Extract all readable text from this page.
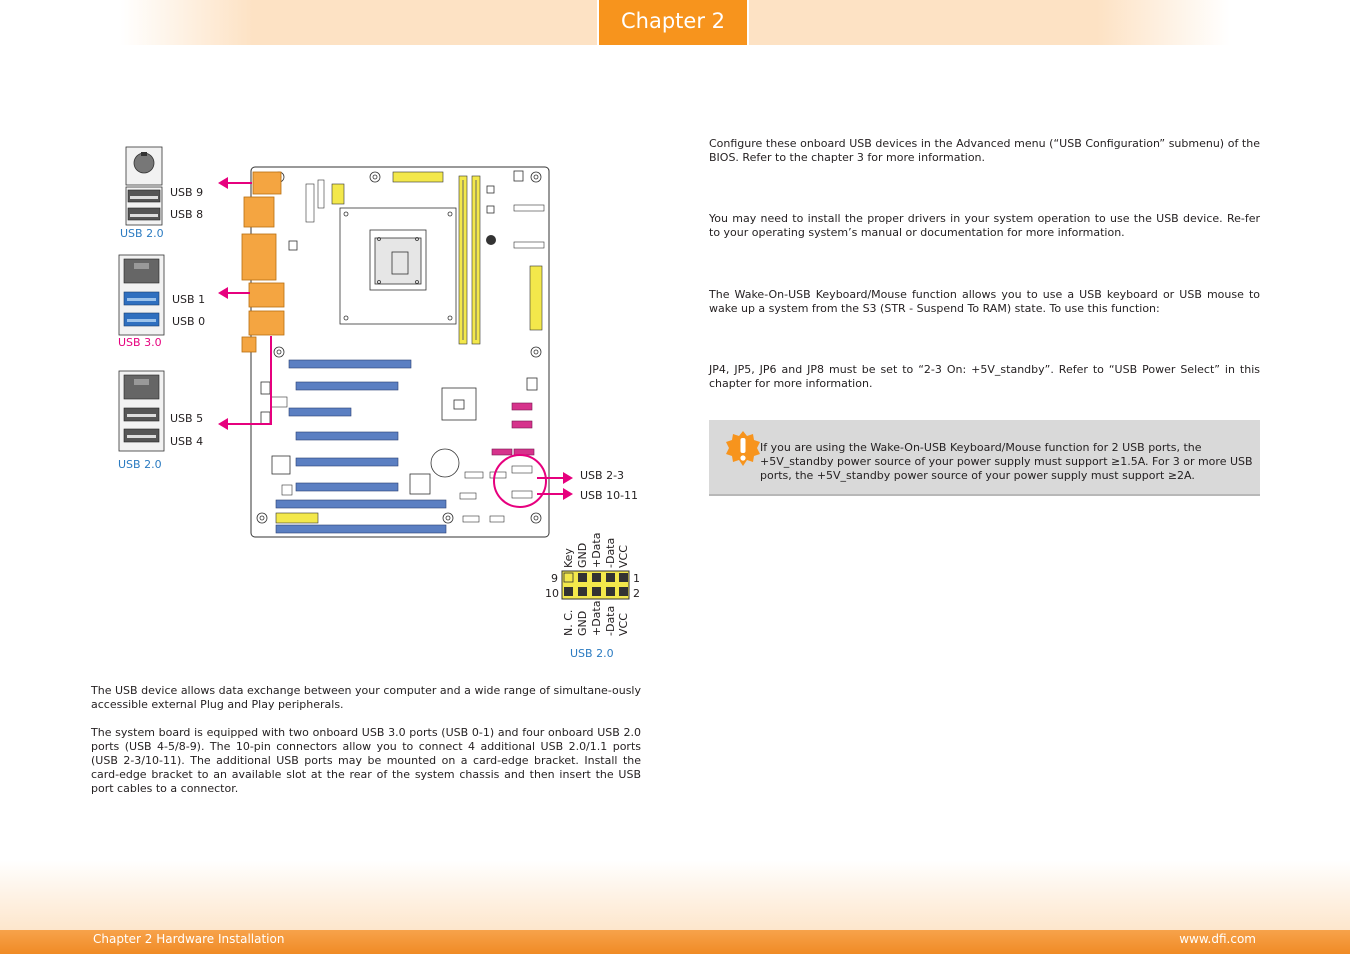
Chapter 2
USB 9
USB 8
USB 2.0
USB 1
USB 0
USB 3.0
USB 5
USB 4
USB 2.0
USB 2-3
USB 10-11
Key GND +Data -Data VCC
N. C. GND +Data -Data VCC
9
10
1
2
USB 2.0
The USB device allows data exchange between your computer and a wide range of simultane-ously accessible external Plug and Play peripherals.
The system board is equipped with two onboard USB 3.0 ports (USB 0-1) and four onboard USB 2.0 ports (USB 4-5/8-9). The 10-pin connectors allow you to connect 4 additional USB 2.0/1.1 ports (USB 2-3/10-11). The additional USB ports may be mounted on a card-edge bracket. Install the card-edge bracket to an available slot at the rear of the system chassis and then insert the USB port cables to a connector.
Configure these onboard USB devices in the Advanced menu (“USB Configuration” submenu) of the BIOS. Refer to the chapter 3 for more information.
You may need to install the proper drivers in your system operation to use the USB device. Re-fer to your operating system’s manual or documentation for more information.
The Wake-On-USB Keyboard/Mouse function allows you to use a USB keyboard or USB mouse to wake up a system from the S3 (STR - Suspend To RAM) state. To use this function:
JP4, JP5, JP6 and JP8 must be set to “2-3 On: +5V_standby”. Refer to “USB Power Select” in this chapter for more information.
If you are using the Wake-On-USB Keyboard/Mouse function for 2 USB ports, the +5V_standby power source of your power supply must support ≥1.5A. For 3 or more USB ports, the +5V_standby power source of your power supply must support ≥2A.
Chapter 2 Hardware Installation	www.dfi.com
